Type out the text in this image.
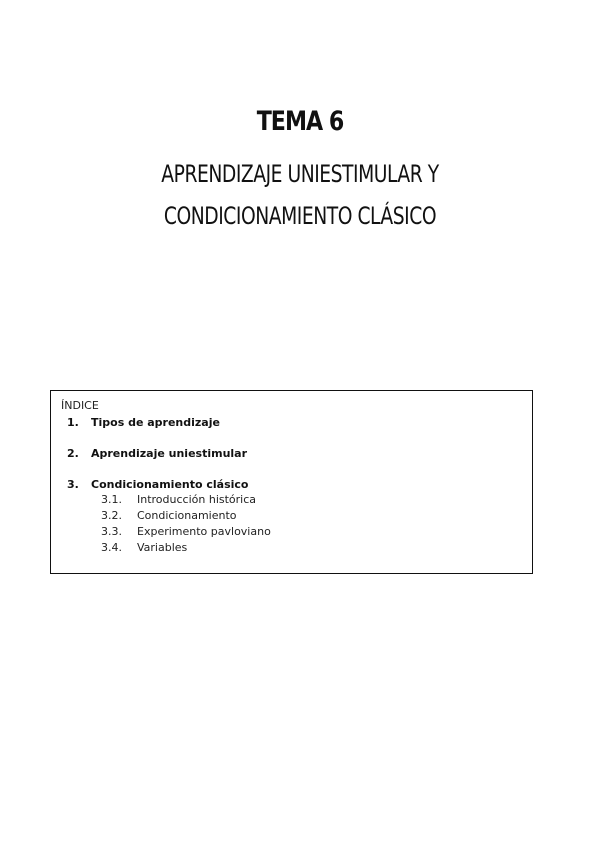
TEMA 6

APRENDIZAJE UNIESTIMULAR Y

CONDICIONAMIENTO CLÁSICO

ÍNDICE
1.	Tipos de aprendizaje
2.	Aprendizaje uniestimular
3.	Condicionamiento clásico
3.1.	Introducción histórica
3.2.	Condicionamiento
3.3.	Experimento pavloviano
3.4.	Variables
